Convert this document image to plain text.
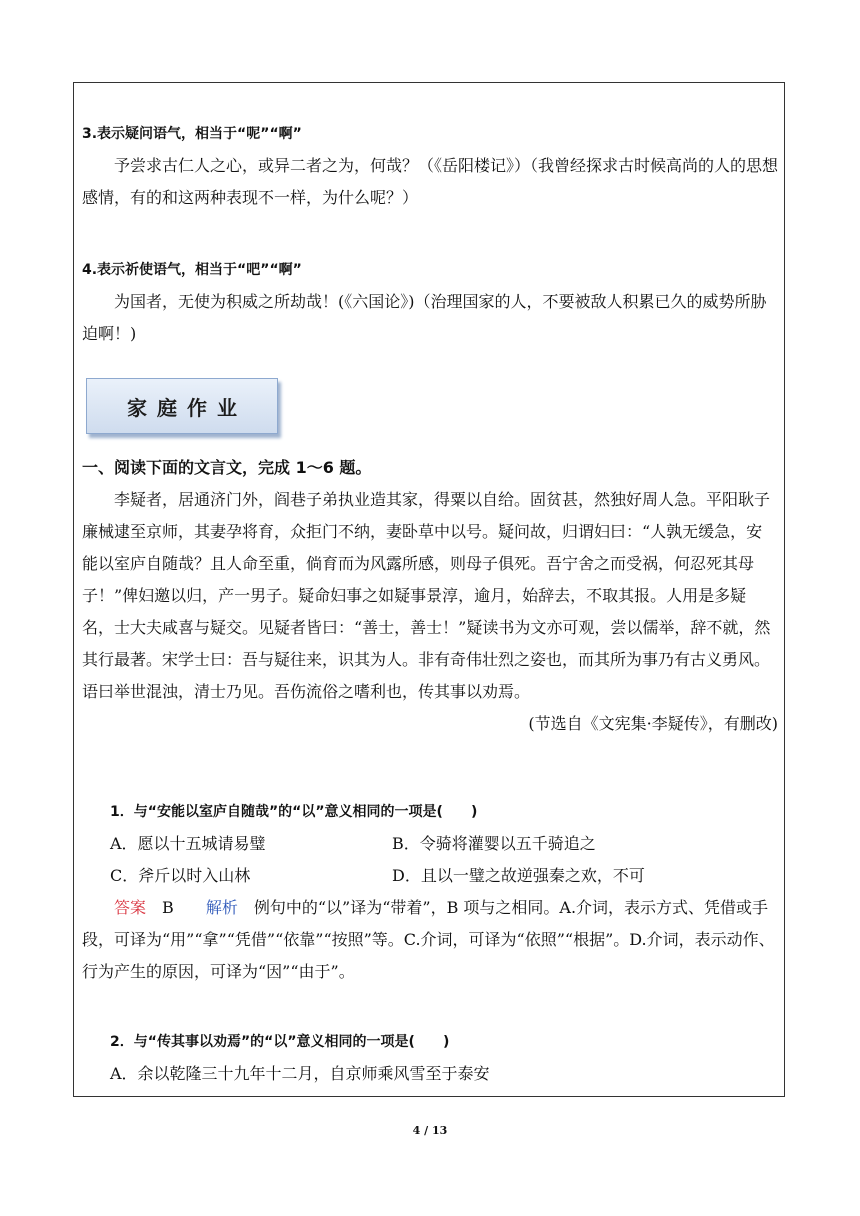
3.表示疑问语气，相当于“呢”“啊”

予尝求古仁人之心，或异二者之为，何哉？（《岳阳楼记》）（我曾经探求古时候高尚的人的思想感情，有的和这两种表现不一样，为什么呢？）

4.表示祈使语气，相当于“吧”“啊”

为国者，无使为积威之所劫哉！(《六国论》)（治理国家的人，不要被敌人积累已久的威势所胁迫啊！)

家庭作业

一、阅读下面的文言文，完成 1～6 题。

李疑者，居通济门外，阎巷子弟执业造其家，得粟以自给。固贫甚，然独好周人急。平阳耿子廉械逮至京师，其妻孕将育，众拒门不纳，妻卧草中以号。疑问故，归谓妇曰：“人孰无缓急，安能以室庐自随哉？且人命至重，倘育而为风露所感，则母子俱死。吾宁舍之而受祸，何忍死其母子！”俾妇邀以归，产一男子。疑命妇事之如疑事景淳，逾月，始辞去，不取其报。人用是多疑名，士大夫咸喜与疑交。见疑者皆曰：“善士，善士！”疑读书为文亦可观，尝以儒举，辞不就，然其行最著。宋学士曰：吾与疑往来，识其为人。非有奇伟壮烈之姿也，而其所为事乃有古义勇风。语曰举世混浊，清士乃见。吾伤流俗之嗜利也，传其事以劝焉。

(节选自《文宪集·李疑传》，有删改)

1．与“安能以室庐自随哉”的“以”意义相同的一项是(　　)

A．愿以十五城请易璧	B．令骑将灌婴以五千骑追之
C．斧斤以时入山林	D．且以一璧之故逆强秦之欢，不可

答案　 B　　 解析　 例句中的“以”译为“带着”，B 项与之相同。A.介词，表示方式、凭借或手段，可译为“用”“拿”“凭借”“依靠”“按照”等。C.介词，可译为“依照”“根据”。D.介词，表示动作、行为产生的原因，可译为“因”“由于”。

2．与“传其事以劝焉”的“以”意义相同的一项是(　　)

A．余以乾隆三十九年十二月，自京师乘风雪至于泰安
4 / 13
